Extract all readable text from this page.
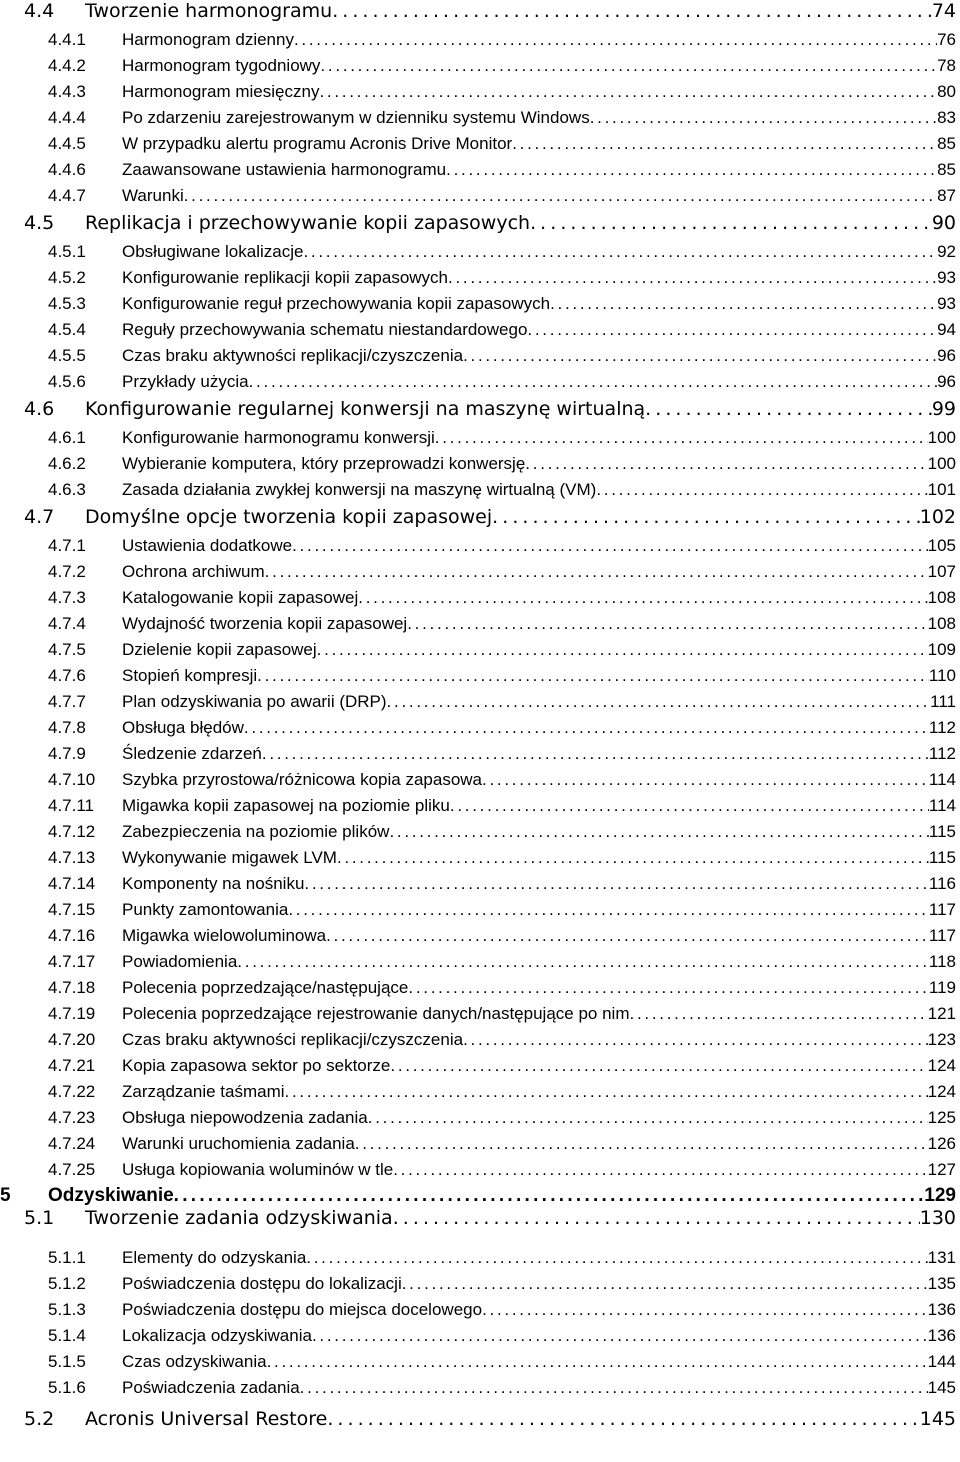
4.4	Tworzenie harmonogramu . . .	74
4.4.1	Harmonogram dzienny . . .	76
4.4.2	Harmonogram tygodniowy . . .	78
4.4.3	Harmonogram miesięczny . . .	80
4.4.4	Po zdarzeniu zarejestrowanym w dzienniku systemu Windows . . .	83
4.4.5	W przypadku alertu programu Acronis Drive Monitor . . .	85
4.4.6	Zaawansowane ustawienia harmonogramu . . .	85
4.4.7	Warunki . . .	87
4.5	Replikacja i przechowywanie kopii zapasowych . . .	90
4.5.1	Obsługiwane lokalizacje . . .	92
4.5.2	Konfigurowanie replikacji kopii zapasowych . . .	93
4.5.3	Konfigurowanie reguł przechowywania kopii zapasowych . . .	93
4.5.4	Reguły przechowywania schematu niestandardowego . . .	94
4.5.5	Czas braku aktywności replikacji/czyszczenia . . .	96
4.5.6	Przykłady użycia . . .	96
4.6	Konfigurowanie regularnej konwersji na maszynę wirtualną . . .	99
4.6.1	Konfigurowanie harmonogramu konwersji . . .	100
4.6.2	Wybieranie komputera, który przeprowadzi konwersję . . .	100
4.6.3	Zasada działania zwykłej konwersji na maszynę wirtualną (VM) . . .	101
4.7	Domyślne opcje tworzenia kopii zapasowej . . .	102
4.7.1	Ustawienia dodatkowe . . .	105
4.7.2	Ochrona archiwum . . .	107
4.7.3	Katalogowanie kopii zapasowej . . .	108
4.7.4	Wydajność tworzenia kopii zapasowej . . .	108
4.7.5	Dzielenie kopii zapasowej . . .	109
4.7.6	Stopień kompresji . . .	110
4.7.7	Plan odzyskiwania po awarii (DRP) . . .	111
4.7.8	Obsługa błędów . . .	112
4.7.9	Śledzenie zdarzeń . . .	112
4.7.10	Szybka przyrostowa/różnicowa kopia zapasowa . . .	114
4.7.11	Migawka kopii zapasowej na poziomie pliku . . .	114
4.7.12	Zabezpieczenia na poziomie plików . . .	115
4.7.13	Wykonywanie migawek LVM . . .	115
4.7.14	Komponenty na nośniku . . .	116
4.7.15	Punkty zamontowania . . .	117
4.7.16	Migawka wielowoluminowa . . .	117
4.7.17	Powiadomienia . . .	118
4.7.18	Polecenia poprzedzające/następujące . . .	119
4.7.19	Polecenia poprzedzające rejestrowanie danych/następujące po nim . . .	121
4.7.20	Czas braku aktywności replikacji/czyszczenia . . .	123
4.7.21	Kopia zapasowa sektor po sektorze . . .	124
4.7.22	Zarządzanie taśmami . . .	124
4.7.23	Obsługa niepowodzenia zadania . . .	125
4.7.24	Warunki uruchomienia zadania . . .	126
4.7.25	Usługa kopiowania woluminów w tle . . .	127
5	Odzyskiwanie . . .	129
5.1	Tworzenie zadania odzyskiwania . . .	130
5.1.1	Elementy do odzyskania . . .	131
5.1.2	Poświadczenia dostępu do lokalizacji . . .	135
5.1.3	Poświadczenia dostępu do miejsca docelowego . . .	136
5.1.4	Lokalizacja odzyskiwania . . .	136
5.1.5	Czas odzyskiwania . . .	144
5.1.6	Poświadczenia zadania . . .	145
5.2	Acronis Universal Restore . . .	145
